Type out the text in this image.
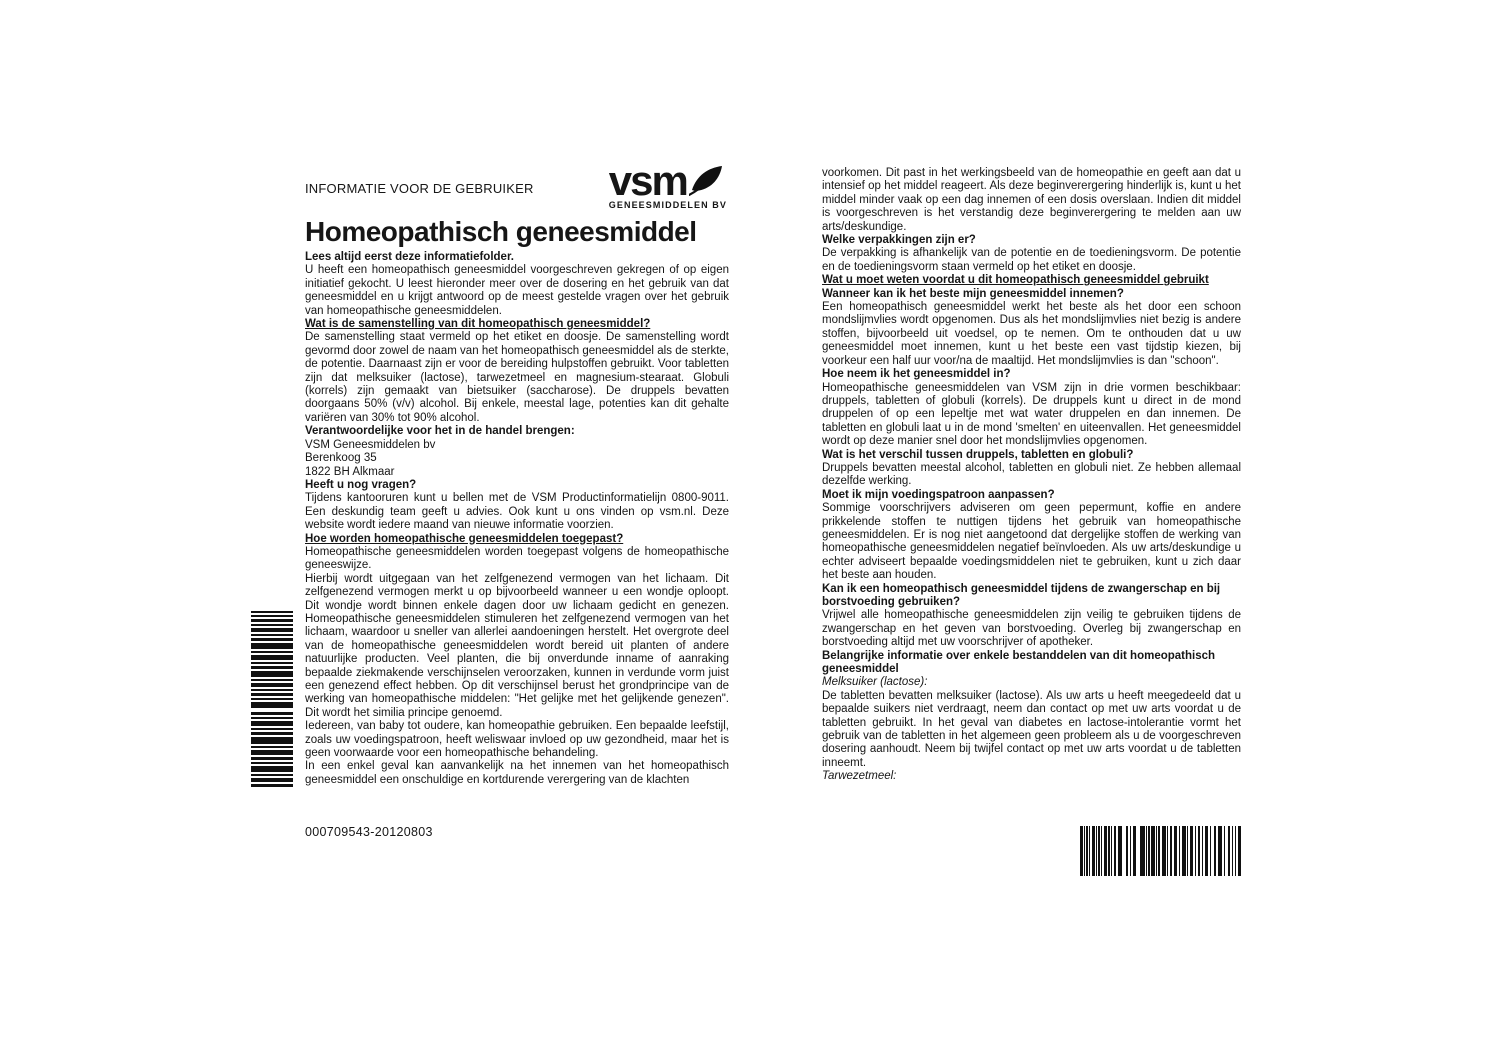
INFORMATIE VOOR DE GEBRUIKER vsm
GENEESMIDDELEN BV
Homeopathisch geneesmiddel

Lees altijd eerst deze informatiefolder.

U heeft een homeopathisch geneesmiddel voorgeschreven gekregen of op eigen initiatief gekocht. U leest hieronder meer over de dosering en het gebruik van dat geneesmiddel en u krijgt antwoord op de meest gestelde vragen over het gebruik van homeopathische geneesmiddelen.

Wat is de samenstelling van dit homeopathisch geneesmiddel?

De samenstelling staat vermeld op het etiket en doosje. De samenstelling wordt gevormd door zowel de naam van het homeopathisch geneesmiddel als de sterkte, de potentie. Daarnaast zijn er voor de bereiding hulpstoffen gebruikt. Voor tabletten zijn dat melksuiker (lactose), tarwezetmeel en magnesium-stearaat. Globuli (korrels) zijn gemaakt van bietsuiker (saccharose). De druppels bevatten doorgaans 50% (v/v) alcohol. Bij enkele, meestal lage, potenties kan dit gehalte variëren van 30% tot 90% alcohol.

Verantwoordelijke voor het in de handel brengen:

VSM Geneesmiddelen bv

Berenkoog 35

1822 BH Alkmaar

Heeft u nog vragen?

Tijdens kantooruren kunt u bellen met de VSM Productinformatielijn 0800-9011. Een deskundig team geeft u advies. Ook kunt u ons vinden op vsm.nl. Deze website wordt iedere maand van nieuwe informatie voorzien.

Hoe worden homeopathische geneesmiddelen toegepast?

Homeopathische geneesmiddelen worden toegepast volgens de homeopathische geneeswijze.

Hierbij wordt uitgegaan van het zelfgenezend vermogen van het lichaam. Dit zelfgenezend vermogen merkt u op bijvoorbeeld wanneer u een wondje oploopt. Dit wondje wordt binnen enkele dagen door uw lichaam gedicht en genezen. Homeopathische geneesmiddelen stimuleren het zelfgenezend vermogen van het lichaam, waardoor u sneller van allerlei aandoeningen herstelt. Het overgrote deel van de homeopathische geneesmiddelen wordt bereid uit planten of andere natuurlijke producten. Veel planten, die bij onverdunde inname of aanraking bepaalde ziekmakende verschijnselen veroorzaken, kunnen in verdunde vorm juist een genezend effect hebben. Op dit verschijnsel berust het grondprincipe van de werking van homeopathische middelen: "Het gelijke met het gelijkende genezen". Dit wordt het similia principe genoemd.

Iedereen, van baby tot oudere, kan homeopathie gebruiken. Een bepaalde leefstijl, zoals uw voedingspatroon, heeft weliswaar invloed op uw gezondheid, maar het is geen voorwaarde voor een homeopathische behandeling.

In een enkel geval kan aanvankelijk na het innemen van het homeopathisch geneesmiddel een onschuldige en kortdurende verergering van de klachten

voorkomen. Dit past in het werkingsbeeld van de homeopathie en geeft aan dat u intensief op het middel reageert. Als deze beginverergering hinderlijk is, kunt u het middel minder vaak op een dag innemen of een dosis overslaan. Indien dit middel is voorgeschreven is het verstandig deze beginverergering te melden aan uw arts/deskundige.

Welke verpakkingen zijn er?

De verpakking is afhankelijk van de potentie en de toedieningsvorm. De potentie en de toedieningsvorm staan vermeld op het etiket en doosje.

Wat u moet weten voordat u dit homeopathisch geneesmiddel gebruikt

Wanneer kan ik het beste mijn geneesmiddel innemen?

Een homeopathisch geneesmiddel werkt het beste als het door een schoon mondslijmvlies wordt opgenomen. Dus als het mondslijmvlies niet bezig is andere stoffen, bijvoorbeeld uit voedsel, op te nemen. Om te onthouden dat u uw geneesmiddel moet innemen, kunt u het beste een vast tijdstip kiezen, bij voorkeur een half uur voor/na de maaltijd. Het mondslijmvlies is dan "schoon".

Hoe neem ik het geneesmiddel in?

Homeopathische geneesmiddelen van VSM zijn in drie vormen beschikbaar: druppels, tabletten of globuli (korrels). De druppels kunt u direct in de mond druppelen of op een lepeltje met wat water druppelen en dan innemen. De tabletten en globuli laat u in de mond 'smelten' en uiteenvallen. Het geneesmiddel wordt op deze manier snel door het mondslijmvlies opgenomen.

Wat is het verschil tussen druppels, tabletten en globuli?

Druppels bevatten meestal alcohol, tabletten en globuli niet. Ze hebben allemaal dezelfde werking.

Moet ik mijn voedingspatroon aanpassen?

Sommige voorschrijvers adviseren om geen pepermunt, koffie en andere prikkelende stoffen te nuttigen tijdens het gebruik van homeopathische geneesmiddelen. Er is nog niet aangetoond dat dergelijke stoffen de werking van homeopathische geneesmiddelen negatief beïnvloeden. Als uw arts/deskundige u echter adviseert bepaalde voedingsmiddelen niet te gebruiken, kunt u zich daar het beste aan houden.

Kan ik een homeopathisch geneesmiddel tijdens de zwangerschap en bij borstvoeding gebruiken?

Vrijwel alle homeopathische geneesmiddelen zijn veilig te gebruiken tijdens de zwangerschap en het geven van borstvoeding. Overleg bij zwangerschap en borstvoeding altijd met uw voorschrijver of apotheker.

Belangrijke informatie over enkele bestanddelen van dit homeopathisch geneesmiddel

Melksuiker (lactose):

De tabletten bevatten melksuiker (lactose). Als uw arts u heeft meegedeeld dat u bepaalde suikers niet verdraagt, neem dan contact op met uw arts voordat u de tabletten gebruikt. In het geval van diabetes en lactose-intolerantie vormt het gebruik van de tabletten in het algemeen geen probleem als u de voorgeschreven dosering aanhoudt. Neem bij twijfel contact op met uw arts voordat u de tabletten inneemt.

Tarwezetmeel:

000709543-20120803
